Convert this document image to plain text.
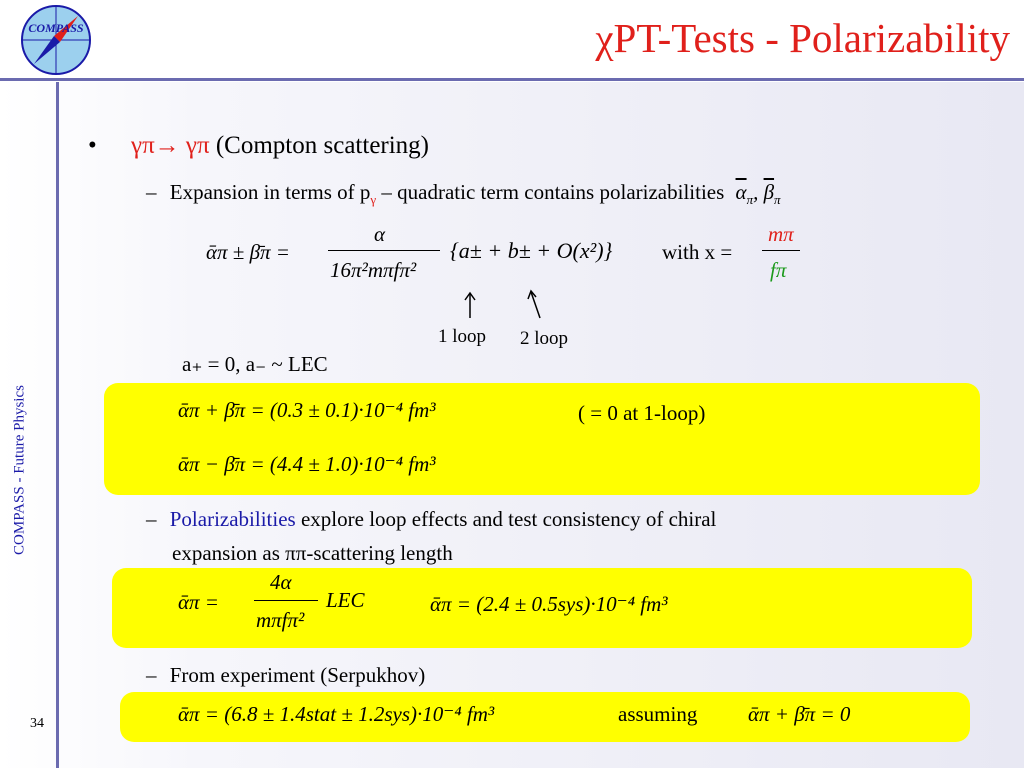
COMPASS	χPT-Tests - Polarizability
COMPASS - Future Physics
34
• γπ→ γπ (Compton scattering)
– Expansion in terms of $p_\gamma$ – quadratic term contains polarizabilities $\overline{\alpha}_\pi$, $\overline{\beta}_\pi$
ᾱπ ± β̄π =
α
16π²mπfπ²
{a± + b± + O(x²)} with x =
mπ
fπ
1 loop 2 loop
a₊ = 0, a₋ ~ LEC
ᾱπ + β̄π = (0.3 ± 0.1)·10⁻⁴ fm³	( = 0 at 1-loop)
ᾱπ − β̄π = (4.4 ± 1.0)·10⁻⁴ fm³
– Polarizabilities explore loop effects and test consistency of chiral
expansion as ππ-scattering length
ᾱπ =
4α
mπfπ²
LEC	ᾱπ = (2.4 ± 0.5sys)·10⁻⁴ fm³
– From experiment (Serpukhov)
ᾱπ = (6.8 ± 1.4stat ± 1.2sys)·10⁻⁴ fm³	assuming ᾱπ + β̄π = 0
